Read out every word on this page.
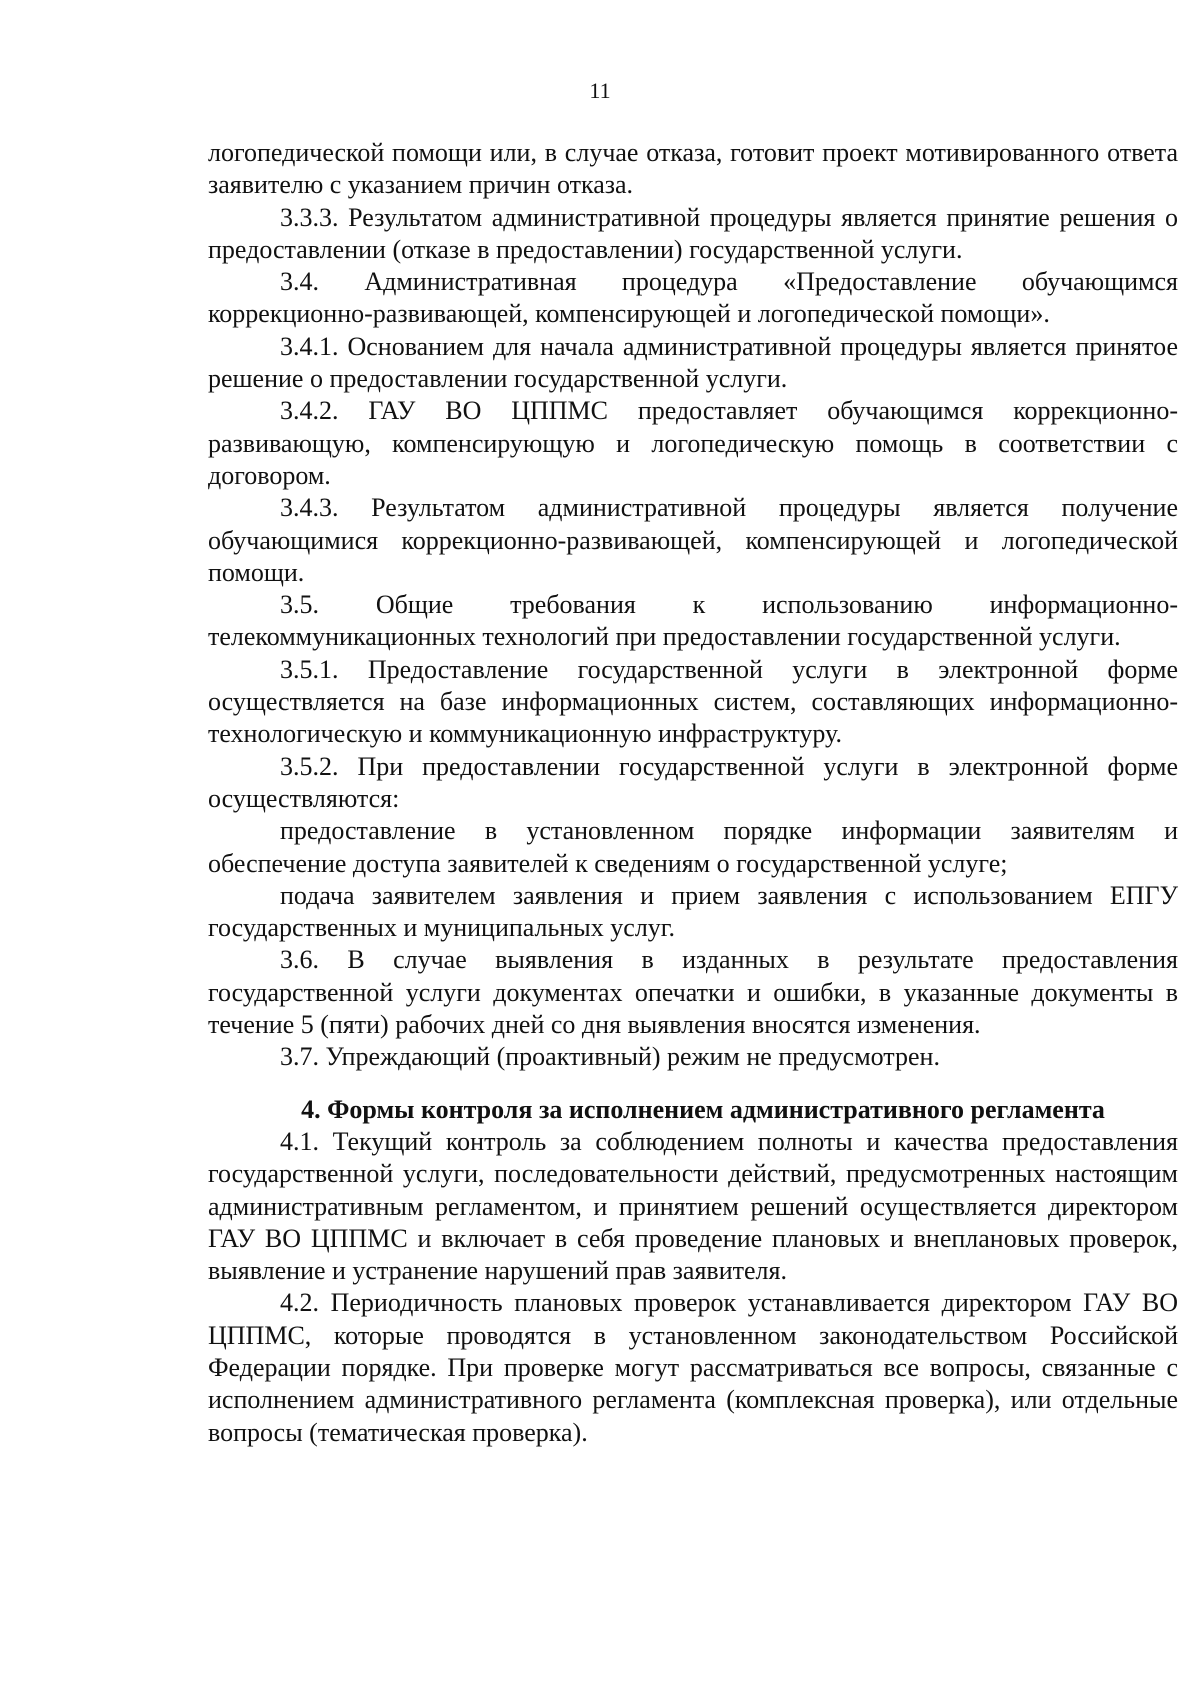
11

логопедической помощи или, в случае отказа, готовит проект мотивированного ответа заявителю с указанием причин отказа.

3.3.3. Результатом административной процедуры является принятие решения о предоставлении (отказе в предоставлении) государственной услуги.

3.4. Административная процедура «Предоставление обучающимся коррекционно-развивающей, компенсирующей и логопедической помощи».

3.4.1. Основанием для начала административной процедуры является принятое решение о предоставлении государственной услуги.

3.4.2. ГАУ ВО ЦППМС предоставляет обучающимся коррекционно-развивающую, компенсирующую и логопедическую помощь в соответствии с договором.

3.4.3. Результатом административной процедуры является получение обучающимися коррекционно-развивающей, компенсирующей и логопедической помощи.

3.5. Общие требования к использованию информационно-телекоммуникационных технологий при предоставлении государственной услуги.

3.5.1. Предоставление государственной услуги в электронной форме осуществляется на базе информационных систем, составляющих информационно-технологическую и коммуникационную инфраструктуру.

3.5.2. При предоставлении государственной услуги в электронной форме осуществляются:

предоставление в установленном порядке информации заявителям и обеспечение доступа заявителей к сведениям о государственной услуге;

подача заявителем заявления и прием заявления с использованием ЕПГУ государственных и муниципальных услуг.

3.6. В случае выявления в изданных в результате предоставления государственной услуги документах опечатки и ошибки, в указанные документы в течение 5 (пяти) рабочих дней со дня выявления вносятся изменения.

3.7. Упреждающий (проактивный) режим не предусмотрен.

4. Формы контроля за исполнением административного регламента

4.1. Текущий контроль за соблюдением полноты и качества предоставления государственной услуги, последовательности действий, предусмотренных настоящим административным регламентом, и принятием решений осуществляется директором ГАУ ВО ЦППМС и включает в себя проведение плановых и внеплановых проверок, выявление и устранение нарушений прав заявителя.

4.2. Периодичность плановых проверок устанавливается директором ГАУ ВО ЦППМС, которые проводятся в установленном законодательством Российской Федерации порядке. При проверке могут рассматриваться все вопросы, связанные с исполнением административного регламента (комплексная проверка), или отдельные вопросы (тематическая проверка).
